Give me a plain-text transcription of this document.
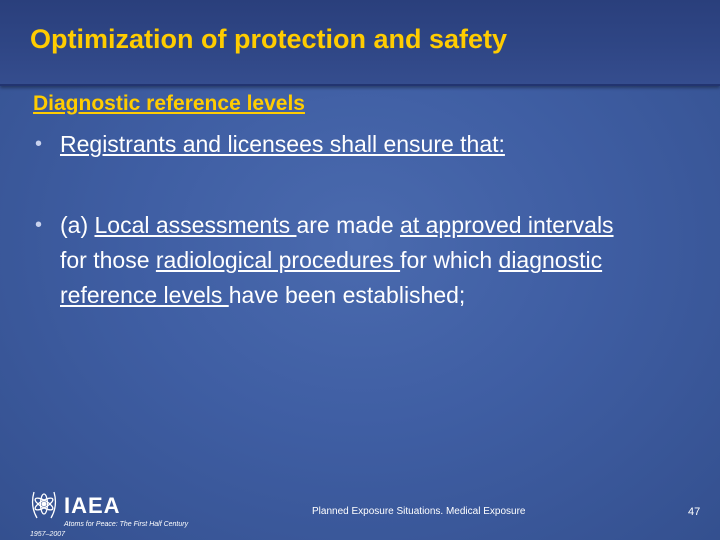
Optimization of protection and safety
Diagnostic reference levels
• Registrants and licensees shall ensure that:
• (a) Local assessments are made at approved intervals for those radiological procedures for which diagnostic reference levels have been established;
IAEA
Atoms for Peace: The First Half Century
1957–2007
Planned Exposure Situations. Medical Exposure	47
